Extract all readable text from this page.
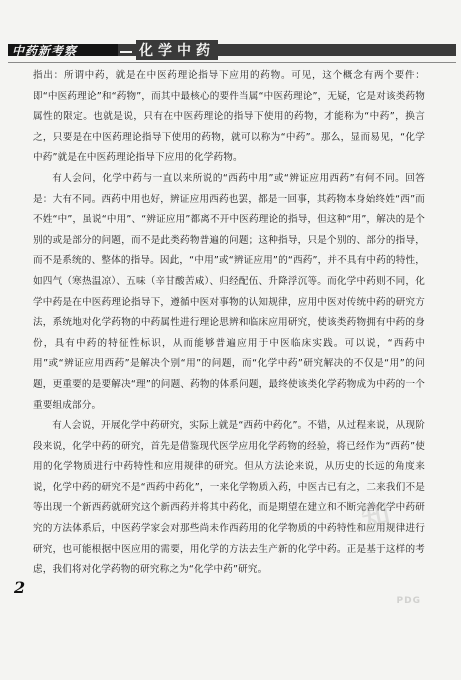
中药新考察	化学中药

指出：所谓中药，就是在中医药理论指导下应用的药物。可见，这个概念有两个要件：即“中医药理论”和“药物”，而其中最核心的要件当属“中医药理论”，无疑，它是对该类药物属性的限定。也就是说，只有在中医药理论的指导下使用的药物，才能称为“中药”，换言之，只要是在中医药理论指导下使用的药物，就可以称为“中药”。那么，显而易见，“化学中药”就是在中医药理论指导下应用的化学药物。

有人会问，化学中药与一直以来所说的“西药中用”或“辨证应用西药”有何不同。回答是：大有不同。西药中用也好，辨证应用西药也罢，都是一回事，其药物本身始终姓“西”而不姓“中”，虽说“中用”、“辨证应用”都离不开中医药理论的指导，但这种“用”，解决的是个别的或是部分的问题，而不是此类药物普遍的问题；这种指导，只是个别的、部分的指导，而不是系统的、整体的指导。因此，“中用”或“辨证应用”的“西药”，并不具有中药的特性，如四气（寒热温凉）、五味（辛甘酸苦咸）、归经配伍、升降浮沉等。而化学中药则不同，化学中药是在中医药理论指导下，遵循中医对事物的认知规律，应用中医对传统中药的研究方法，系统地对化学药物的中药属性进行理论思辨和临床应用研究，使该类药物拥有中药的身份，具有中药的特征性标识，从而能够普遍应用于中医临床实践。可以说，“西药中用”或“辨证应用西药”是解决个别“用”的问题，而“化学中药”研究解决的不仅是“用”的问题，更重要的是要解决“理”的问题、药物的体系问题，最终使该类化学药物成为中药的一个重要组成部分。

有人会说，开展化学中药研究，实际上就是“西药中药化”。不错，从过程来说，从现阶段来说，化学中药的研究，首先是借鉴现代医学应用化学药物的经验，将已经作为“西药”使用的化学物质进行中药特性和应用规律的研究。但从方法论来说，从历史的长远的角度来说，化学中药的研究不是“西药中药化”，一来化学物质入药，中医古已有之，二来我们不是等出现一个新西药就研究这个新西药并将其中药化，而是期望在建立和不断完善化学中药研究的方法体系后，中医药学家会对那些尚未作西药用的化学物质的中药特性和应用规律进行研究，也可能根据中医应用的需要，用化学的方法去生产新的化学中药。正是基于这样的考虑，我们将对化学药物的研究称之为“化学中药”研究。

2
知
PDG
